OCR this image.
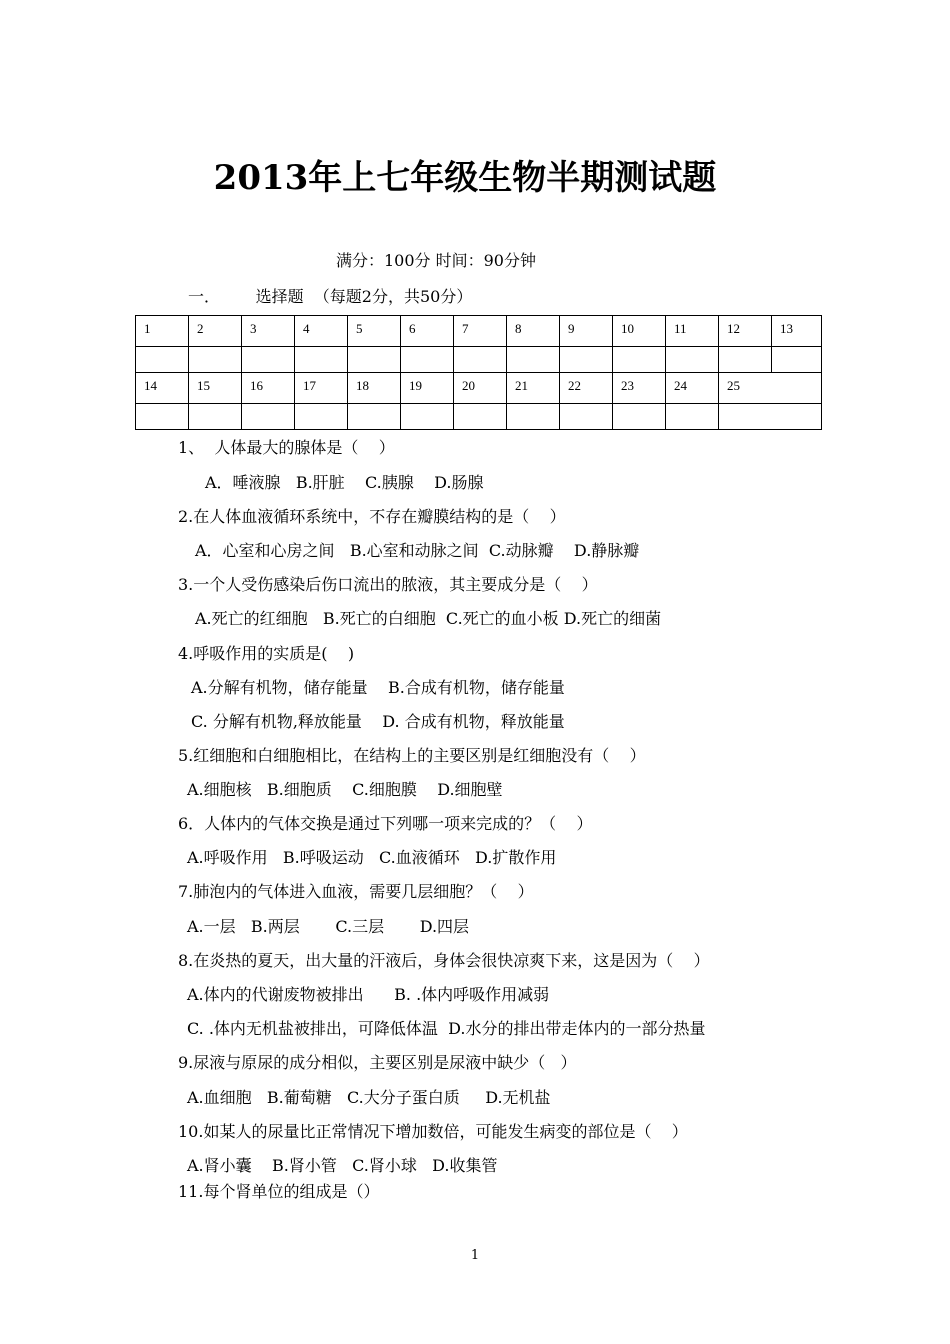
2013年上七年级生物半期测试题
满分：100分 时间：90分钟
一．       选择题  （每题2分，共50分）
1	2	3	4	5	6	7	8	9	10	11	12	13

14	15	16	17	18	19	20	21	22	23	24	25	

1、  人体最大的腺体是（    ）
A．唾液腺   B.肝脏    C.胰腺    D.肠腺
2.在人体血液循环系统中，不存在瓣膜结构的是（    ）
A．心室和心房之间   B.心室和动脉之间  C.动脉瓣    D.静脉瓣
3.一个人受伤感染后伤口流出的脓液，其主要成分是（    ）
A.死亡的红细胞   B.死亡的白细胞  C.死亡的血小板 D.死亡的细菌
4.呼吸作用的实质是(    )
A.分解有机物，储存能量    B.合成有机物，储存能量
C. 分解有机物,释放能量    D. 合成有机物，释放能量
5.红细胞和白细胞相比，在结构上的主要区别是红细胞没有（    ）
A.细胞核   B.细胞质    C.细胞膜    D.细胞壁
6．人体内的气体交换是通过下列哪一项来完成的？（    ）
A.呼吸作用   B.呼吸运动   C.血液循环   D.扩散作用
7.肺泡内的气体进入血液，需要几层细胞？（    ）
A.一层   B.两层       C.三层       D.四层
8.在炎热的夏天，出大量的汗液后，身体会很快凉爽下来，这是因为（    ）
A.体内的代谢废物被排出      B. .体内呼吸作用减弱
C. .体内无机盐被排出，可降低体温  D.水分的排出带走体内的一部分热量
9.尿液与原尿的成分相似，主要区别是尿液中缺少（   ）
A.血细胞   B.葡萄糖   C.大分子蛋白质     D.无机盐
10.如某人的尿量比正常情况下增加数倍，可能发生病变的部位是（    ）
A.肾小囊    B.肾小管   C.肾小球   D.收集管
11.每个肾单位的组成是（）
1
